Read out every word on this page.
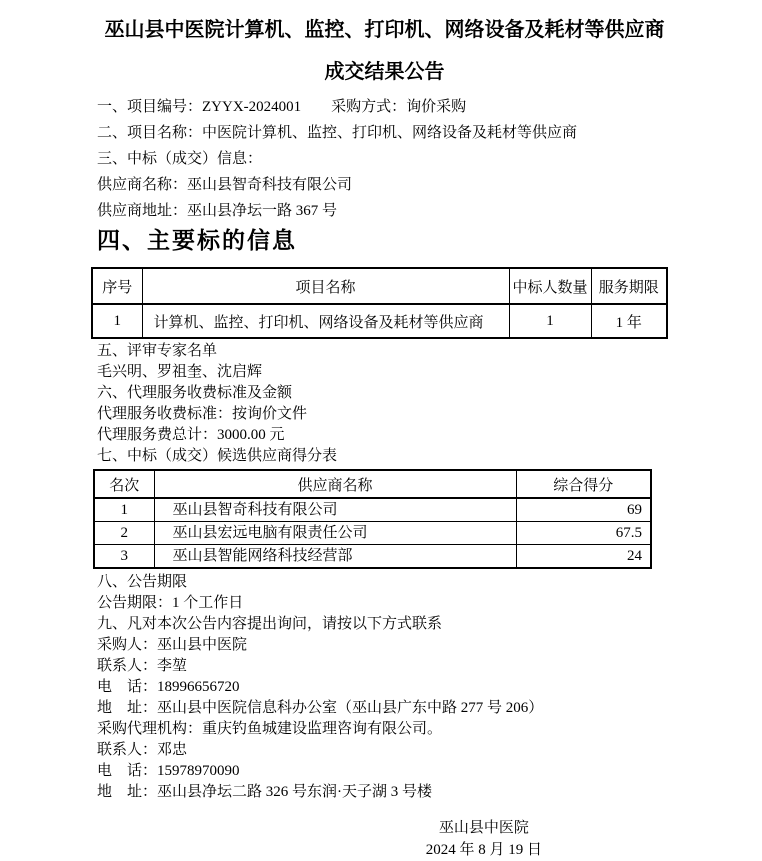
巫山县中医院计算机、监控、打印机、网络设备及耗材等供应商
成交结果公告

一、项目编号：ZYYX-2024001　　采购方式：询价采购

二、项目名称：中医院计算机、监控、打印机、网络设备及耗材等供应商

三、中标（成交）信息：

供应商名称：巫山县智奇科技有限公司

供应商地址：巫山县净坛一路 367 号

四、主要标的信息
序号	项目名称	中标人数量	服务期限
1	计算机、监控、打印机、网络设备及耗材等供应商	1	1 年

五、评审专家名单

毛兴明、罗祖奎、沈启辉

六、代理服务收费标准及金额

代理服务收费标准：按询价文件

代理服务费总计：3000.00 元

七、中标（成交）候选供应商得分表

名次	供应商名称	综合得分
1	巫山县智奇科技有限公司	69
2	巫山县宏远电脑有限责任公司	67.5
3	巫山县智能网络科技经营部	24

八、公告期限

公告期限：1 个工作日

九、凡对本次公告内容提出询问，请按以下方式联系

采购人：巫山县中医院

联系人：李堃

电　话：18996656720

地　址：巫山县中医院信息科办公室（巫山县广东中路 277 号 206）

采购代理机构：重庆钓鱼城建设监理咨询有限公司。

联系人：邓忠

电　话：15978970090

地　址：巫山县净坛二路 326 号东润·天子湖 3 号楼

巫山县中医院

2024 年 8 月 19 日
